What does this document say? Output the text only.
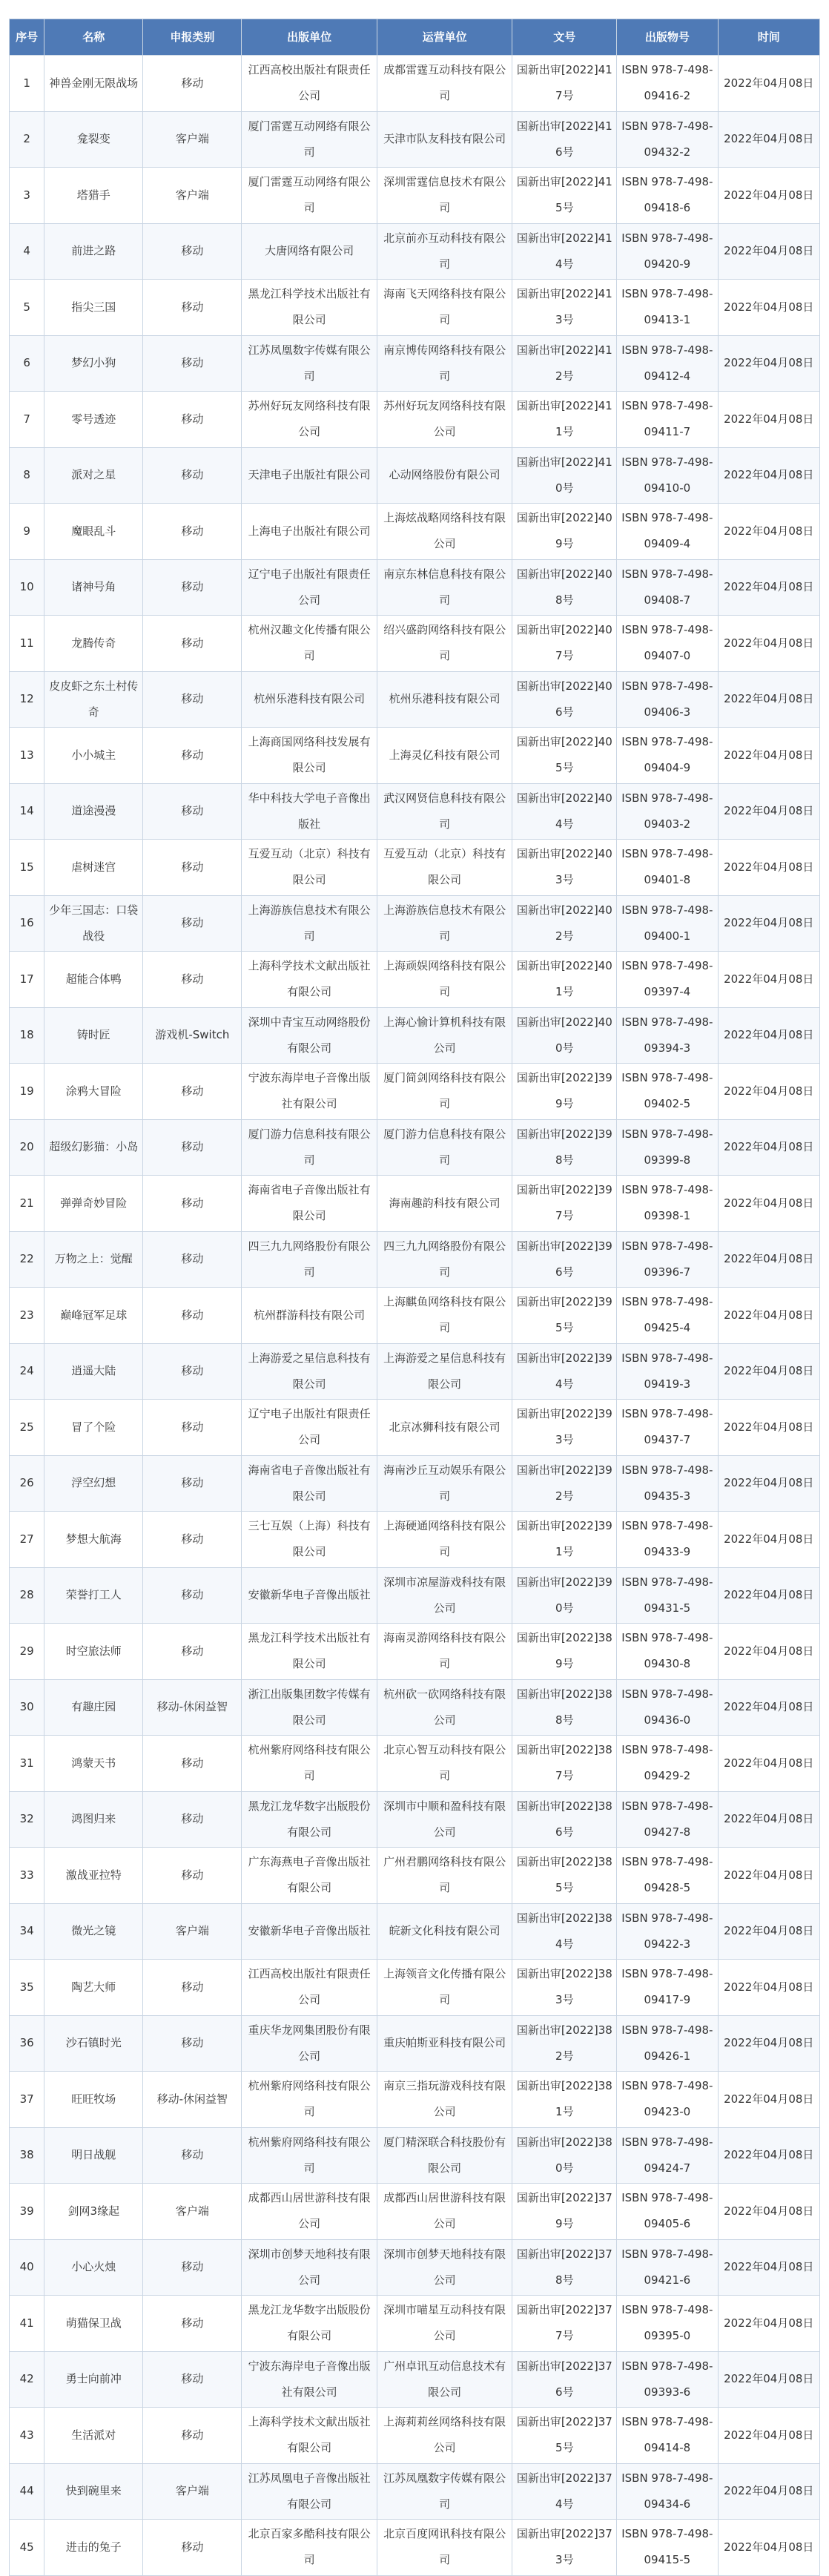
序号	名称	申报类别	出版单位	运营单位	文号	出版物号	时间
1	神兽金刚无限战场	移动	江西高校出版社有限责任公司	成都雷霆互动科技有限公司	国新出审[2022]417号	ISBN 978-7-498-09416-2	2022年04月08日
2	龛裂变	客户端	厦门雷霆互动网络有限公司	天津市队友科技有限公司	国新出审[2022]416号	ISBN 978-7-498-09432-2	2022年04月08日
3	塔猎手	客户端	厦门雷霆互动网络有限公司	深圳雷霆信息技术有限公司	国新出审[2022]415号	ISBN 978-7-498-09418-6	2022年04月08日
4	前进之路	移动	大唐网络有限公司	北京前亦互动科技有限公司	国新出审[2022]414号	ISBN 978-7-498-09420-9	2022年04月08日
5	指尖三国	移动	黑龙江科学技术出版社有限公司	海南飞天网络科技有限公司	国新出审[2022]413号	ISBN 978-7-498-09413-1	2022年04月08日
6	梦幻小狗	移动	江苏凤凰数字传媒有限公司	南京博传网络科技有限公司	国新出审[2022]412号	ISBN 978-7-498-09412-4	2022年04月08日
7	零号透迹	移动	苏州好玩友网络科技有限公司	苏州好玩友网络科技有限公司	国新出审[2022]411号	ISBN 978-7-498-09411-7	2022年04月08日
8	派对之星	移动	天津电子出版社有限公司	心动网络股份有限公司	国新出审[2022]410号	ISBN 978-7-498-09410-0	2022年04月08日
9	魔眼乱斗	移动	上海电子出版社有限公司	上海炫战略网络科技有限公司	国新出审[2022]409号	ISBN 978-7-498-09409-4	2022年04月08日
10	诸神号角	移动	辽宁电子出版社有限责任公司	南京东林信息科技有限公司	国新出审[2022]408号	ISBN 978-7-498-09408-7	2022年04月08日
11	龙腾传奇	移动	杭州汉趣文化传播有限公司	绍兴盛韵网络科技有限公司	国新出审[2022]407号	ISBN 978-7-498-09407-0	2022年04月08日
12	皮皮虾之东土村传奇	移动	杭州乐港科技有限公司	杭州乐港科技有限公司	国新出审[2022]406号	ISBN 978-7-498-09406-3	2022年04月08日
13	小小城主	移动	上海商国网络科技发展有限公司	上海灵亿科技有限公司	国新出审[2022]405号	ISBN 978-7-498-09404-9	2022年04月08日
14	道途漫漫	移动	华中科技大学电子音像出版社	武汉网贤信息科技有限公司	国新出审[2022]404号	ISBN 978-7-498-09403-2	2022年04月08日
15	虐树迷宫	移动	互爱互动（北京）科技有限公司	互爱互动（北京）科技有限公司	国新出审[2022]403号	ISBN 978-7-498-09401-8	2022年04月08日
16	少年三国志：口袋战役	移动	上海游族信息技术有限公司	上海游族信息技术有限公司	国新出审[2022]402号	ISBN 978-7-498-09400-1	2022年04月08日
17	超能合体鸭	移动	上海科学技术文献出版社有限公司	上海顽娱网络科技有限公司	国新出审[2022]401号	ISBN 978-7-498-09397-4	2022年04月08日
18	铸时匠	游戏机-Switch	深圳中青宝互动网络股份有限公司	上海心愉计算机科技有限公司	国新出审[2022]400号	ISBN 978-7-498-09394-3	2022年04月08日
19	涂鸦大冒险	移动	宁波东海岸电子音像出版社有限公司	厦门简剑网络科技有限公司	国新出审[2022]399号	ISBN 978-7-498-09402-5	2022年04月08日
20	超级幻影猫：小岛	移动	厦门游力信息科技有限公司	厦门游力信息科技有限公司	国新出审[2022]398号	ISBN 978-7-498-09399-8	2022年04月08日
21	弹弹奇妙冒险	移动	海南省电子音像出版社有限公司	海南趣韵科技有限公司	国新出审[2022]397号	ISBN 978-7-498-09398-1	2022年04月08日
22	万物之上：觉醒	移动	四三九九网络股份有限公司	四三九九网络股份有限公司	国新出审[2022]396号	ISBN 978-7-498-09396-7	2022年04月08日
23	巅峰冠军足球	移动	杭州群游科技有限公司	上海麒鱼网络科技有限公司	国新出审[2022]395号	ISBN 978-7-498-09425-4	2022年04月08日
24	逍遥大陆	移动	上海游爱之星信息科技有限公司	上海游爱之星信息科技有限公司	国新出审[2022]394号	ISBN 978-7-498-09419-3	2022年04月08日
25	冒了个险	移动	辽宁电子出版社有限责任公司	北京冰狮科技有限公司	国新出审[2022]393号	ISBN 978-7-498-09437-7	2022年04月08日
26	浮空幻想	移动	海南省电子音像出版社有限公司	海南沙丘互动娱乐有限公司	国新出审[2022]392号	ISBN 978-7-498-09435-3	2022年04月08日
27	梦想大航海	移动	三七互娱（上海）科技有限公司	上海硬通网络科技有限公司	国新出审[2022]391号	ISBN 978-7-498-09433-9	2022年04月08日
28	荣誉打工人	移动	安徽新华电子音像出版社	深圳市凉屋游戏科技有限公司	国新出审[2022]390号	ISBN 978-7-498-09431-5	2022年04月08日
29	时空旅法师	移动	黑龙江科学技术出版社有限公司	海南灵游网络科技有限公司	国新出审[2022]389号	ISBN 978-7-498-09430-8	2022年04月08日
30	有趣庄园	移动-休闲益智	浙江出版集团数字传媒有限公司	杭州砍一砍网络科技有限公司	国新出审[2022]388号	ISBN 978-7-498-09436-0	2022年04月08日
31	鸿蒙天书	移动	杭州紫府网络科技有限公司	北京心智互动科技有限公司	国新出审[2022]387号	ISBN 978-7-498-09429-2	2022年04月08日
32	鸿图归来	移动	黑龙江龙华数字出版股份有限公司	深圳市中顺和盈科技有限公司	国新出审[2022]386号	ISBN 978-7-498-09427-8	2022年04月08日
33	激战亚拉特	移动	广东海燕电子音像出版社有限公司	广州君鹏网络科技有限公司	国新出审[2022]385号	ISBN 978-7-498-09428-5	2022年04月08日
34	微光之镜	客户端	安徽新华电子音像出版社	皖新文化科技有限公司	国新出审[2022]384号	ISBN 978-7-498-09422-3	2022年04月08日
35	陶艺大师	移动	江西高校出版社有限责任公司	上海领音文化传播有限公司	国新出审[2022]383号	ISBN 978-7-498-09417-9	2022年04月08日
36	沙石镇时光	移动	重庆华龙网集团股份有限公司	重庆帕斯亚科技有限公司	国新出审[2022]382号	ISBN 978-7-498-09426-1	2022年04月08日
37	旺旺牧场	移动-休闲益智	杭州紫府网络科技有限公司	南京三指玩游戏科技有限公司	国新出审[2022]381号	ISBN 978-7-498-09423-0	2022年04月08日
38	明日战舰	移动	杭州紫府网络科技有限公司	厦门精深联合科技股份有限公司	国新出审[2022]380号	ISBN 978-7-498-09424-7	2022年04月08日
39	剑网3缘起	客户端	成都西山居世游科技有限公司	成都西山居世游科技有限公司	国新出审[2022]379号	ISBN 978-7-498-09405-6	2022年04月08日
40	小心火烛	移动	深圳市创梦天地科技有限公司	深圳市创梦天地科技有限公司	国新出审[2022]378号	ISBN 978-7-498-09421-6	2022年04月08日
41	萌猫保卫战	移动	黑龙江龙华数字出版股份有限公司	深圳市喵星互动科技有限公司	国新出审[2022]377号	ISBN 978-7-498-09395-0	2022年04月08日
42	勇士向前冲	移动	宁波东海岸电子音像出版社有限公司	广州卓讯互动信息技术有限公司	国新出审[2022]376号	ISBN 978-7-498-09393-6	2022年04月08日
43	生活派对	移动	上海科学技术文献出版社有限公司	上海莉莉丝网络科技有限公司	国新出审[2022]375号	ISBN 978-7-498-09414-8	2022年04月08日
44	快到碗里来	客户端	江苏凤凰电子音像出版社有限公司	江苏凤凰数字传媒有限公司	国新出审[2022]374号	ISBN 978-7-498-09434-6	2022年04月08日
45	进击的兔子	移动	北京百家多酷科技有限公司	北京百度网讯科技有限公司	国新出审[2022]373号	ISBN 978-7-498-09415-5	2022年04月08日
